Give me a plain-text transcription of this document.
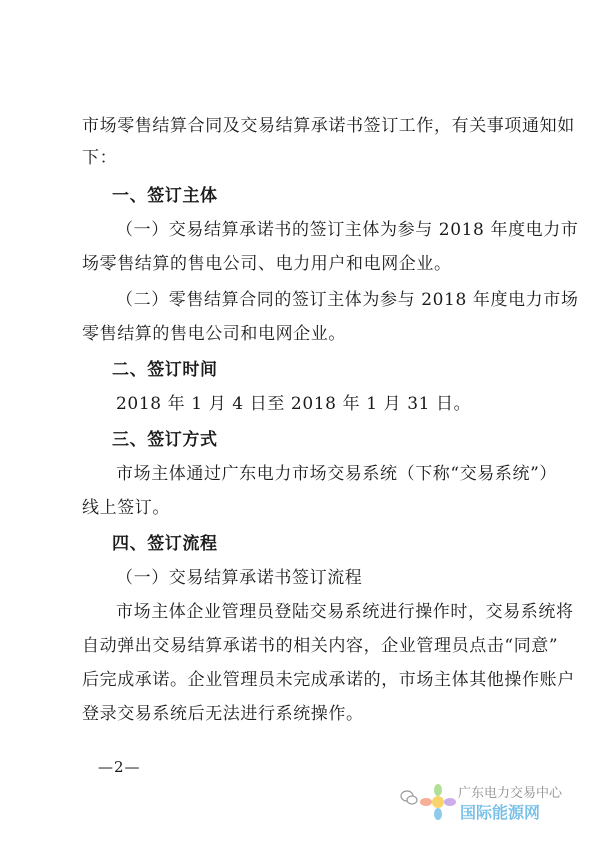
市场零售结算合同及交易结算承诺书签订工作，有关事项通知如

下：

一、签订主体

（一）交易结算承诺书的签订主体为参与 2018 年度电力市

场零售结算的售电公司、电力用户和电网企业。

（二）零售结算合同的签订主体为参与 2018 年度电力市场

零售结算的售电公司和电网企业。

二、签订时间

2018 年 1 月 4 日至 2018 年 1 月 31 日。

三、签订方式

市场主体通过广东电力市场交易系统（下称“交易系统”）

线上签订。

四、签订流程

（一）交易结算承诺书签订流程

市场主体企业管理员登陆交易系统进行操作时，交易系统将

自动弹出交易结算承诺书的相关内容，企业管理员点击“同意”

后完成承诺。企业管理员未完成承诺的，市场主体其他操作账户

登录交易系统后无法进行系统操作。

—2—
广东电力交易中心
国际能源网
